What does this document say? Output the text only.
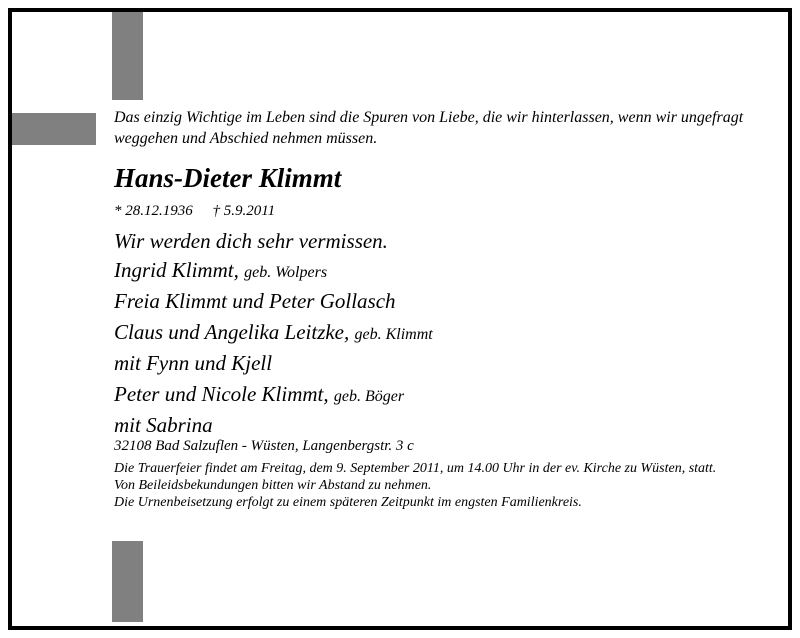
Das einzig Wichtige im Leben sind die Spuren von Liebe, die wir hinterlassen, wenn wir ungefragt weggehen und Abschied nehmen müssen.
Hans-Dieter Klimmt
* 28.12.1936 † 5.9.2011
Wir werden dich sehr vermissen.
Ingrid Klimmt, geb. Wolpers
Freia Klimmt und Peter Gollasch
Claus und Angelika Leitzke, geb. Klimmt
mit Fynn und Kjell
Peter und Nicole Klimmt, geb. Böger
mit Sabrina
32108 Bad Salzuflen - Wüsten, Langenbergstr. 3 c
Die Trauerfeier findet am Freitag, dem 9. September 2011, um 14.00 Uhr in der ev. Kirche zu Wüsten, statt.
Von Beileidsbekundungen bitten wir Abstand zu nehmen.
Die Urnenbeisetzung erfolgt zu einem späteren Zeitpunkt im engsten Familienkreis.
